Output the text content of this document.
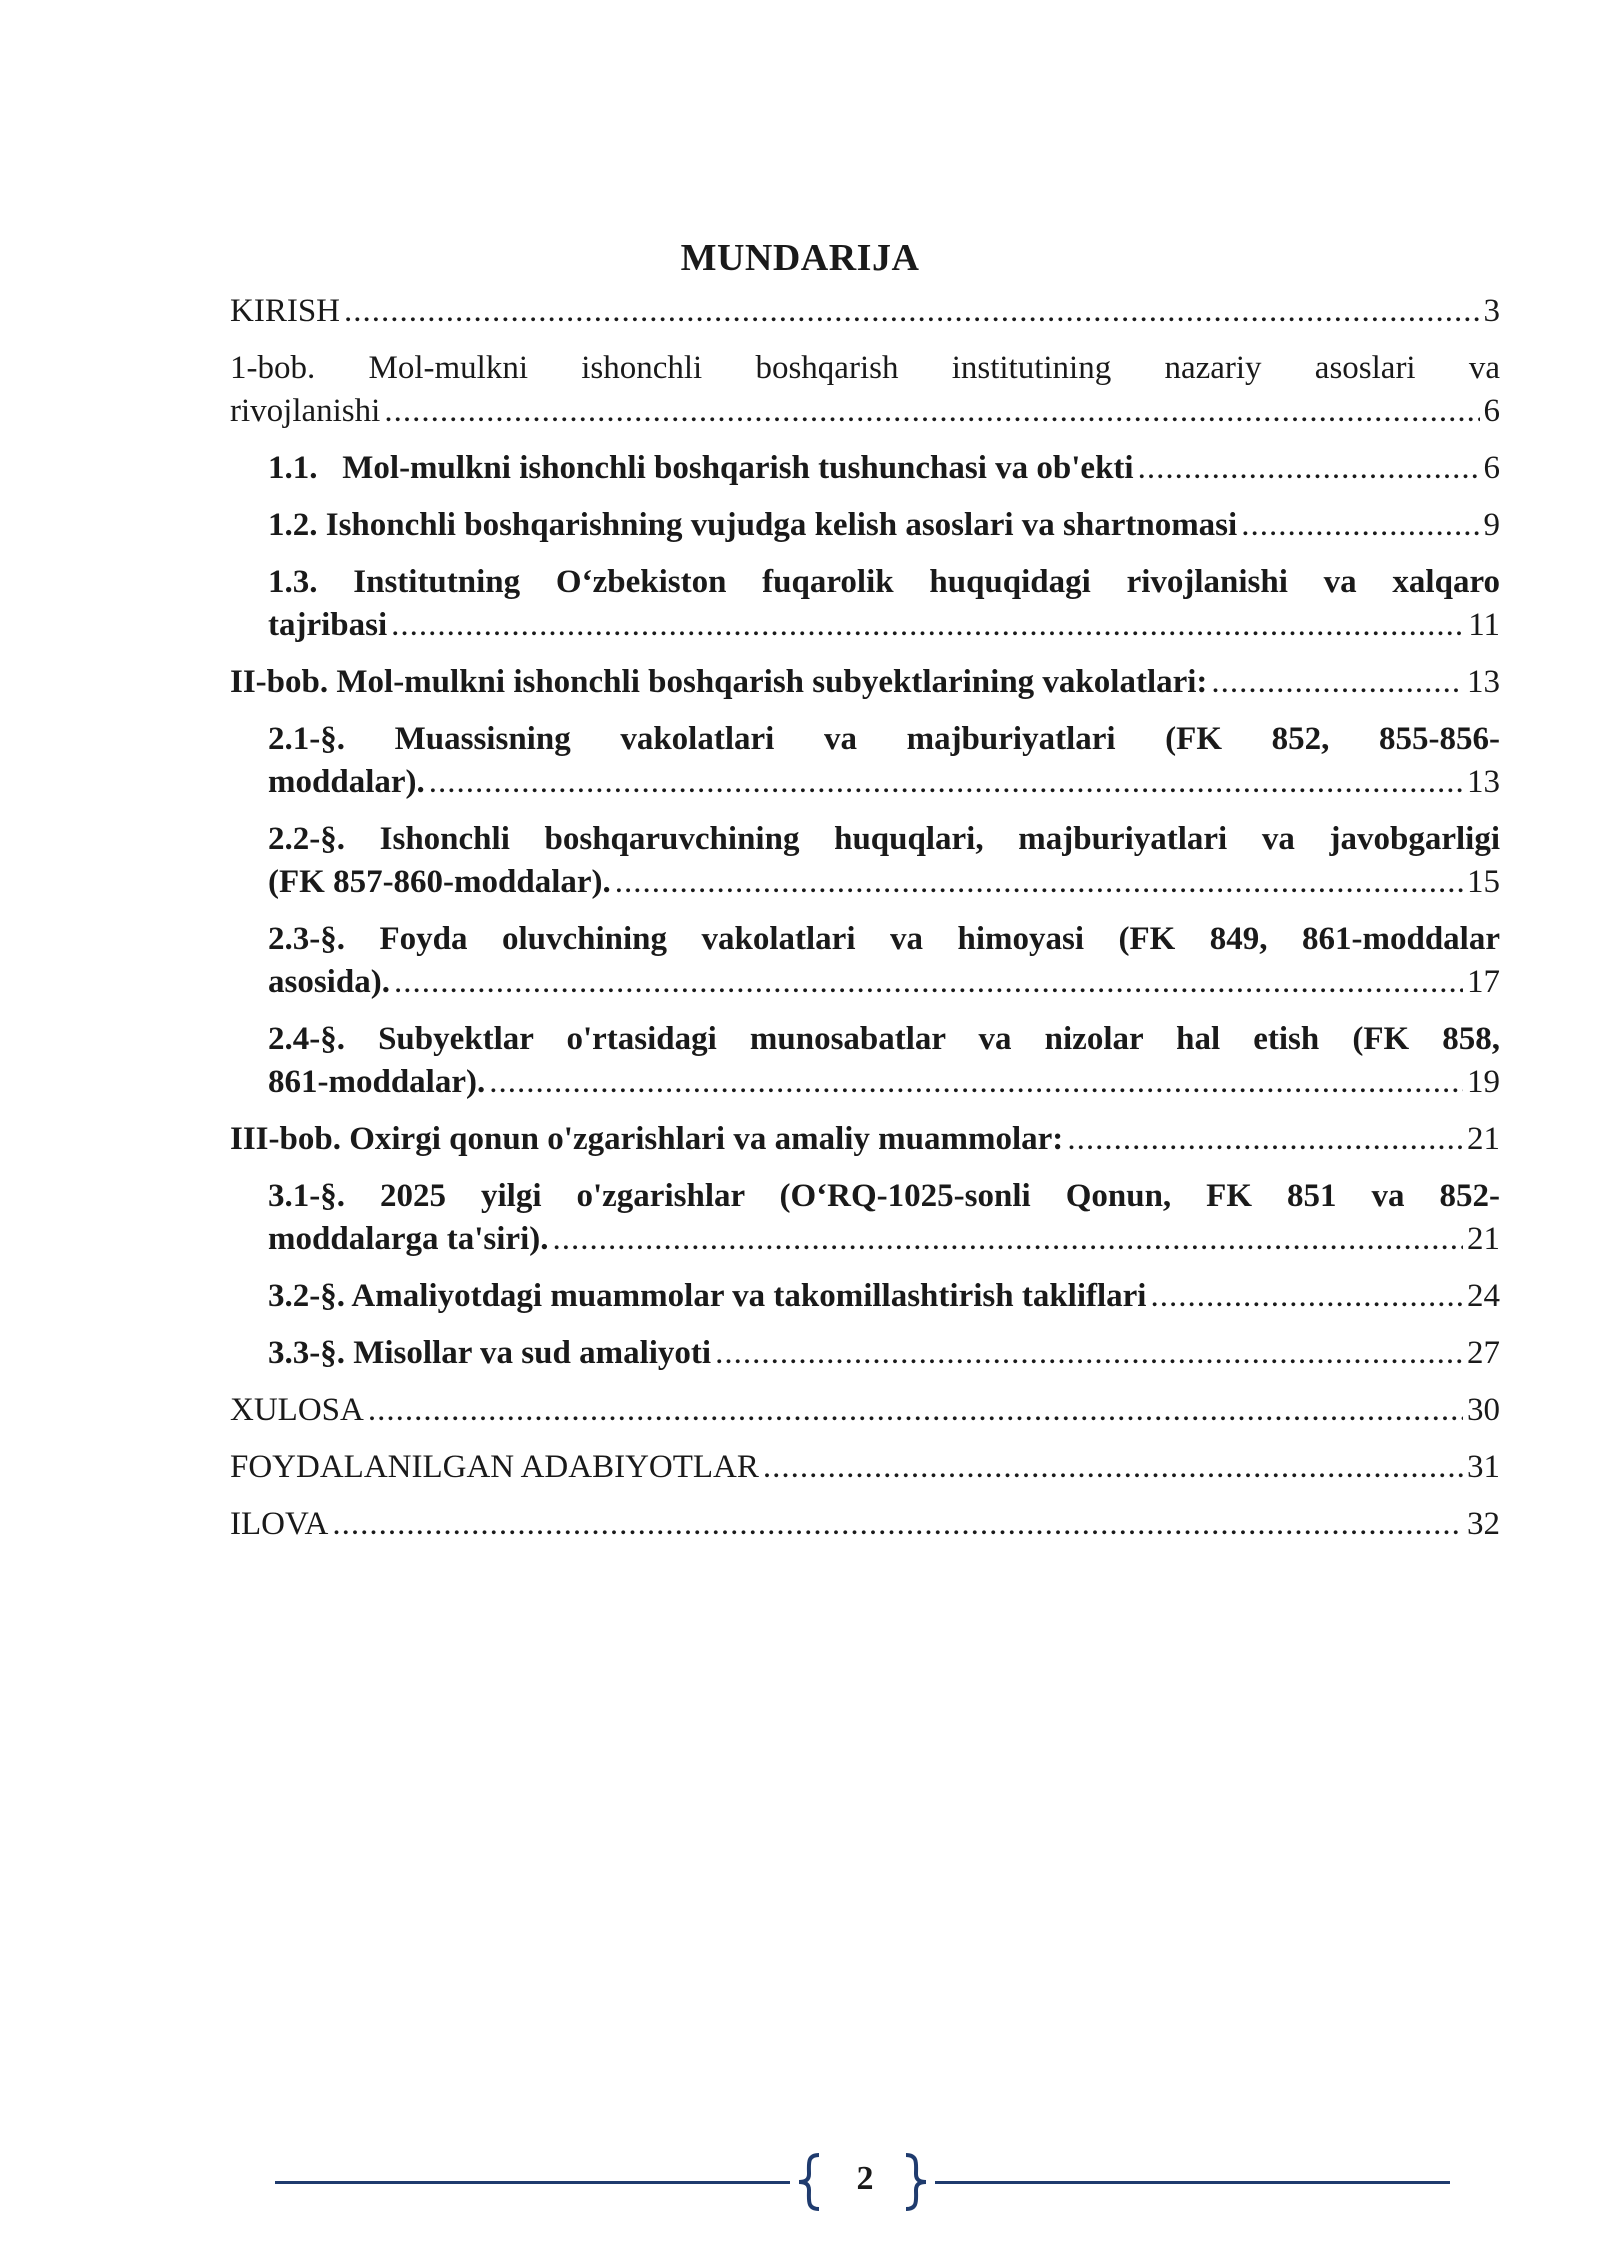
MUNDARIJA
KIRISH .....	3
1-bob. Mol-mulkni ishonchli boshqarish institutining nazariy asoslari va
rivojlanishi .....	6
1.1.   Mol-mulkni ishonchli boshqarish tushunchasi va ob'ekti .....	6
1.2. Ishonchli boshqarishning vujudga kelish asoslari va shartnomasi .....	9
1.3. Institutning O‘zbekiston fuqarolik huquqidagi rivojlanishi va xalqaro
tajribasi .....	11
II-bob. Mol-mulkni ishonchli boshqarish subyektlarining vakolatlari: .....	13
2.1-§. Muassisning vakolatlari va majburiyatlari (FK 852, 855-856-
moddalar). .....	13
2.2-§. Ishonchli boshqaruvchining huquqlari, majburiyatlari va javobgarligi
(FK 857-860-moddalar). .....	15
2.3-§. Foyda oluvchining vakolatlari va himoyasi (FK 849, 861-moddalar
asosida). .....	17
2.4-§. Subyektlar o'rtasidagi munosabatlar va nizolar hal etish (FK 858,
861-moddalar). .....	19
III-bob. Oxirgi qonun o'zgarishlari va amaliy muammolar: .....	21
3.1-§. 2025 yilgi o'zgarishlar (O‘RQ-1025-sonli Qonun, FK 851 va 852-
moddalarga ta'siri). .....	21
3.2-§. Amaliyotdagi muammolar va takomillashtirish takliflari .....	24
3.3-§. Misollar va sud amaliyoti .....	27
XULOSA .....	30
FOYDALANILGAN ADABIYOTLAR .....	31
ILOVA .....	32
2
